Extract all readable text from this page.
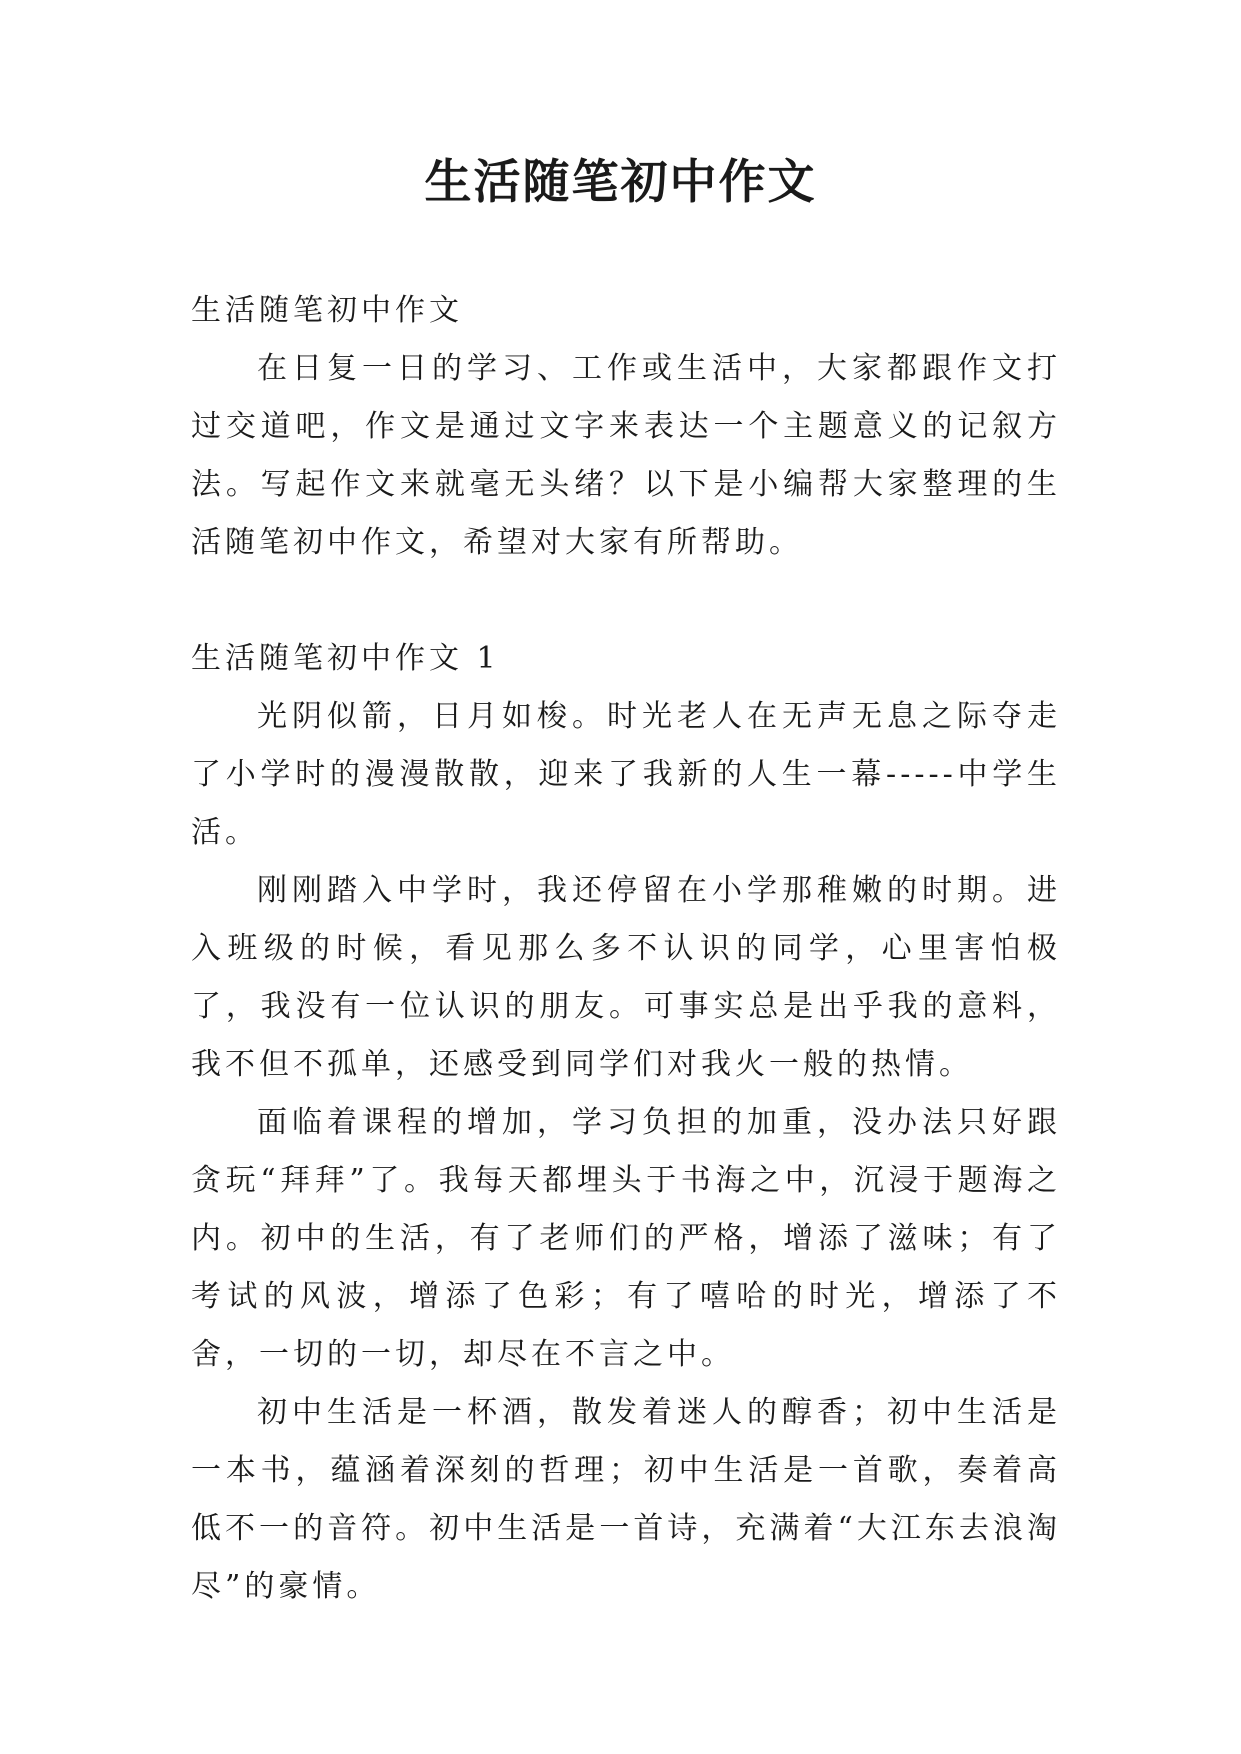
生活随笔初中作文

生活随笔初中作文

在日复一日的学习、工作或生活中，大家都跟作文打过交道吧，作文是通过文字来表达一个主题意义的记叙方法。写起作文来就毫无头绪？以下是小编帮大家整理的生活随笔初中作文，希望对大家有所帮助。

生活随笔初中作文 1

光阴似箭，日月如梭。时光老人在无声无息之际夺走了小学时的漫漫散散，迎来了我新的人生一幕-----中学生活。

刚刚踏入中学时，我还停留在小学那稚嫩的时期。进入班级的时候，看见那么多不认识的同学，心里害怕极了，我没有一位认识的朋友。可事实总是出乎我的意料，我不但不孤单，还感受到同学们对我火一般的热情。

面临着课程的增加，学习负担的加重，没办法只好跟贪玩“拜拜”了。我每天都埋头于书海之中，沉浸于题海之内。初中的生活，有了老师们的严格，增添了滋味；有了考试的风波，增添了色彩；有了嘻哈的时光，增添了不舍，一切的一切，却尽在不言之中。

初中生活是一杯酒，散发着迷人的醇香；初中生活是一本书，蕴涵着深刻的哲理；初中生活是一首歌，奏着高低不一的音符。初中生活是一首诗，充满着“大江东去浪淘尽”的豪情。
